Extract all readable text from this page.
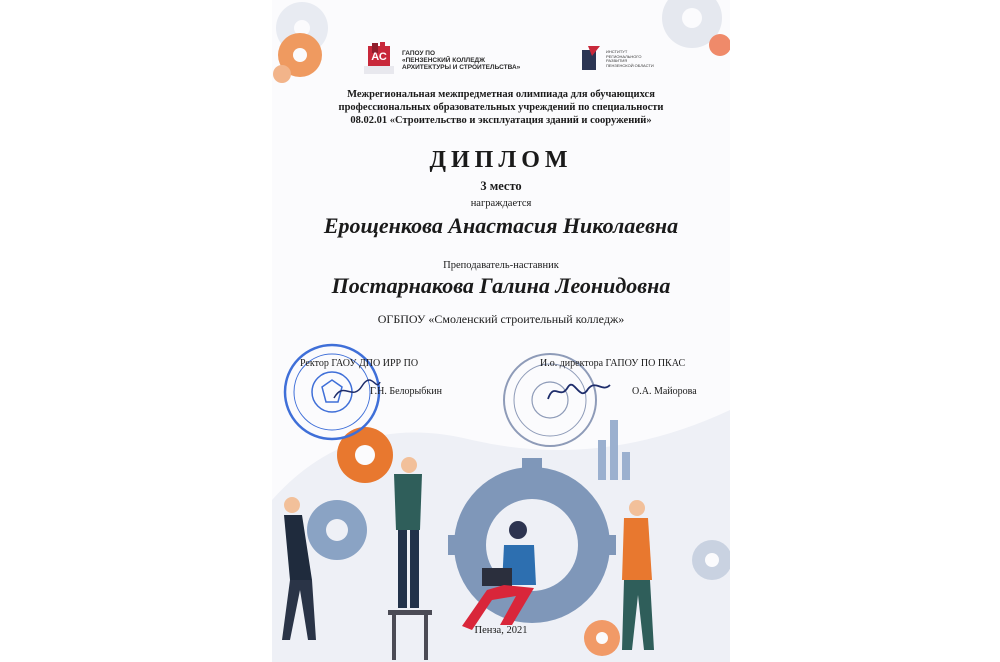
АС	ГАПОУ ПО
«ПЕНЗЕНСКИЙ КОЛЛЕДЖ
АРХИТЕКТУРЫ И СТРОИТЕЛЬСТВА»
ИНСТИТУТ
РЕГИОНАЛЬНОГО
РАЗВИТИЯ
ПЕНЗЕНСКОЙ ОБЛАСТИ
Межрегиональная межпредметная олимпиада для обучающихся
профессиональных образовательных учреждений по специальности
08.02.01 «Строительство и эксплуатация зданий и сооружений»
ДИПЛОМ
3 место
награждается
Ерощенкова Анастасия Николаевна
Преподаватель-наставник
Постарнакова Галина Леонидовна
ОГБПОУ «Смоленский строительный колледж»
Ректор ГАОУ ДПО ИРР ПО
Г.Н. Белорыбкин
И.о. директора ГАПОУ ПО ПКАС
О.А. Майорова
Пенза, 2021
